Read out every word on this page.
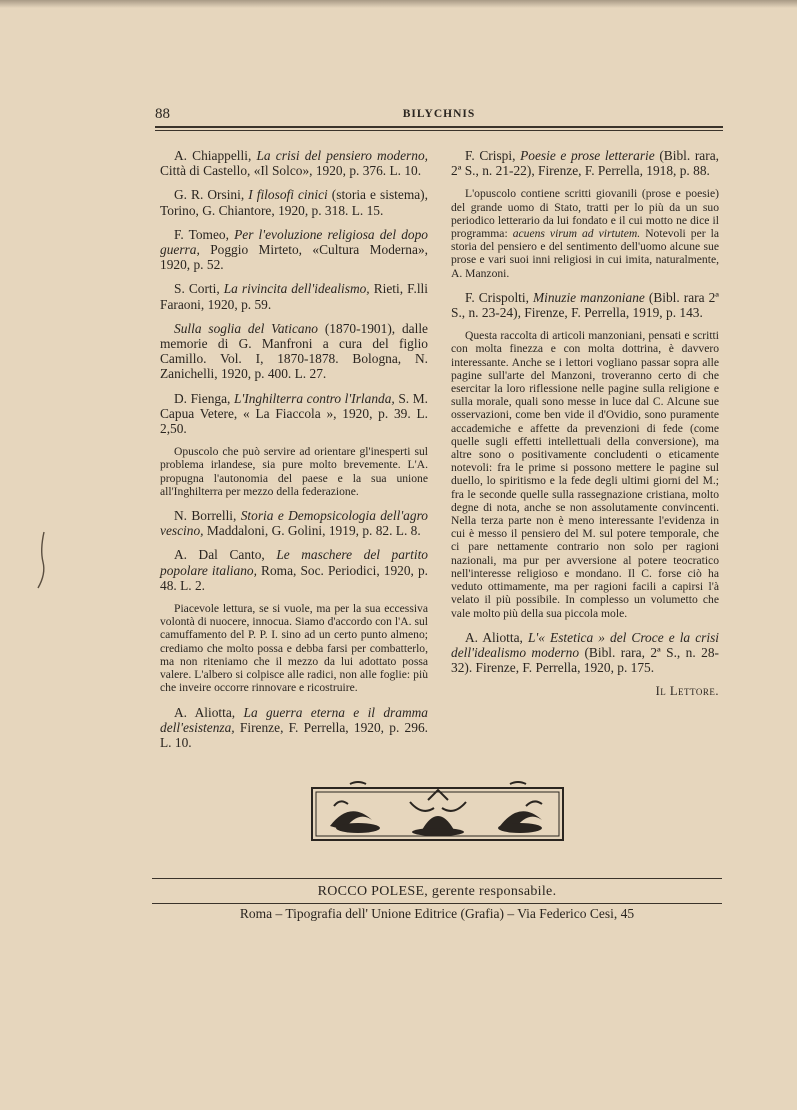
88	BILYCHNIS

A. Chiappelli, La crisi del pensiero moderno, Città di Castello, «Il Solco», 1920, p. 376. L. 10.

G. R. Orsini, I filosofi cinici (storia e sistema), Torino, G. Chiantore, 1920, p. 318. L. 15.

F. Tomeo, Per l'evoluzione religiosa del dopo guerra, Poggio Mirteto, «Cultura Moderna», 1920, p. 52.

S. Corti, La rivincita dell'idealismo, Rieti, F.lli Faraoni, 1920, p. 59.

Sulla soglia del Vaticano (1870-1901), dalle memorie di G. Manfroni a cura del figlio Camillo. Vol. I, 1870-1878. Bologna, N. Zanichelli, 1920, p. 400. L. 27.

D. Fienga, L'Inghilterra contro l'Irlanda, S. M. Capua Vetere, « La Fiaccola », 1920, p. 39. L. 2,50.

Opuscolo che può servire ad orientare gl'inesperti sul problema irlandese, sia pure molto brevemente. L'A. propugna l'autonomia del paese e la sua unione all'Inghilterra per mezzo della federazione.

N. Borrelli, Storia e Demopsicologia dell'agro vescino, Maddaloni, G. Golini, 1919, p. 82. L. 8.

A. Dal Canto, Le maschere del partito popolare italiano, Roma, Soc. Periodici, 1920, p. 48. L. 2.

Piacevole lettura, se si vuole, ma per la sua eccessiva volontà di nuocere, innocua. Siamo d'accordo con l'A. sul camuffamento del P. P. I. sino ad un certo punto almeno; crediamo che molto possa e debba farsi per combatterlo, ma non riteniamo che il mezzo da lui adottato possa valere. L'albero si colpisce alle radici, non alle foglie: più che inveire occorre rinnovare e ricostruire.

A. Aliotta, La guerra eterna e il dramma dell'esistenza, Firenze, F. Perrella, 1920, p. 296. L. 10.

F. Crispi, Poesie e prose letterarie (Bibl. rara, 2ª S., n. 21-22), Firenze, F. Perrella, 1918, p. 88.

L'opuscolo contiene scritti giovanili (prose e poesie) del grande uomo di Stato, tratti per lo più da un suo periodico letterario da lui fondato e il cui motto ne dice il programma: acuens virum ad virtutem. Notevoli per la storia del pensiero e del sentimento dell'uomo alcune sue prose e vari suoi inni religiosi in cui imita, naturalmente, A. Manzoni.

F. Crispolti, Minuzie manzoniane (Bibl. rara 2ª S., n. 23-24), Firenze, F. Perrella, 1919, p. 143.

Questa raccolta di articoli manzoniani, pensati e scritti con molta finezza e con molta dottrina, è davvero interessante. Anche se i lettori vogliano passar sopra alle pagine sull'arte del Manzoni, troveranno certo di che esercitar la loro riflessione nelle pagine sulla religione e sulla morale, quali sono messe in luce dal C. Alcune sue osservazioni, come ben vide il d'Ovidio, sono puramente accademiche e affette da prevenzioni di fede (come quelle sugli effetti intellettuali della conversione), ma altre sono o positivamente concludenti o eticamente notevoli: fra le prime si possono mettere le pagine sul duello, lo spiritismo e la fede degli ultimi giorni del M.; fra le seconde quelle sulla rassegnazione cristiana, molto degne di nota, anche se non assolutamente convincenti. Nella terza parte non è meno interessante l'evidenza in cui è messo il pensiero del M. sul potere temporale, che ci pare nettamente contrario non solo per ragioni nazionali, ma pur per avversione al potere teocratico nell'interesse religioso e mondano. Il C. forse ciò ha veduto ottimamente, ma per ragioni facili a capirsi l'à velato il più possibile. In complesso un volumetto che vale molto più della sua piccola mole.

A. Aliotta, L'« Estetica » del Croce e la crisi dell'idealismo moderno (Bibl. rara, 2ª S., n. 28-32). Firenze, F. Perrella, 1920, p. 175.

Il Lettore.
ROCCO POLESE, gerente responsabile.
Roma – Tipografia dell' Unione Editrice (Grafia) – Via Federico Cesi, 45
